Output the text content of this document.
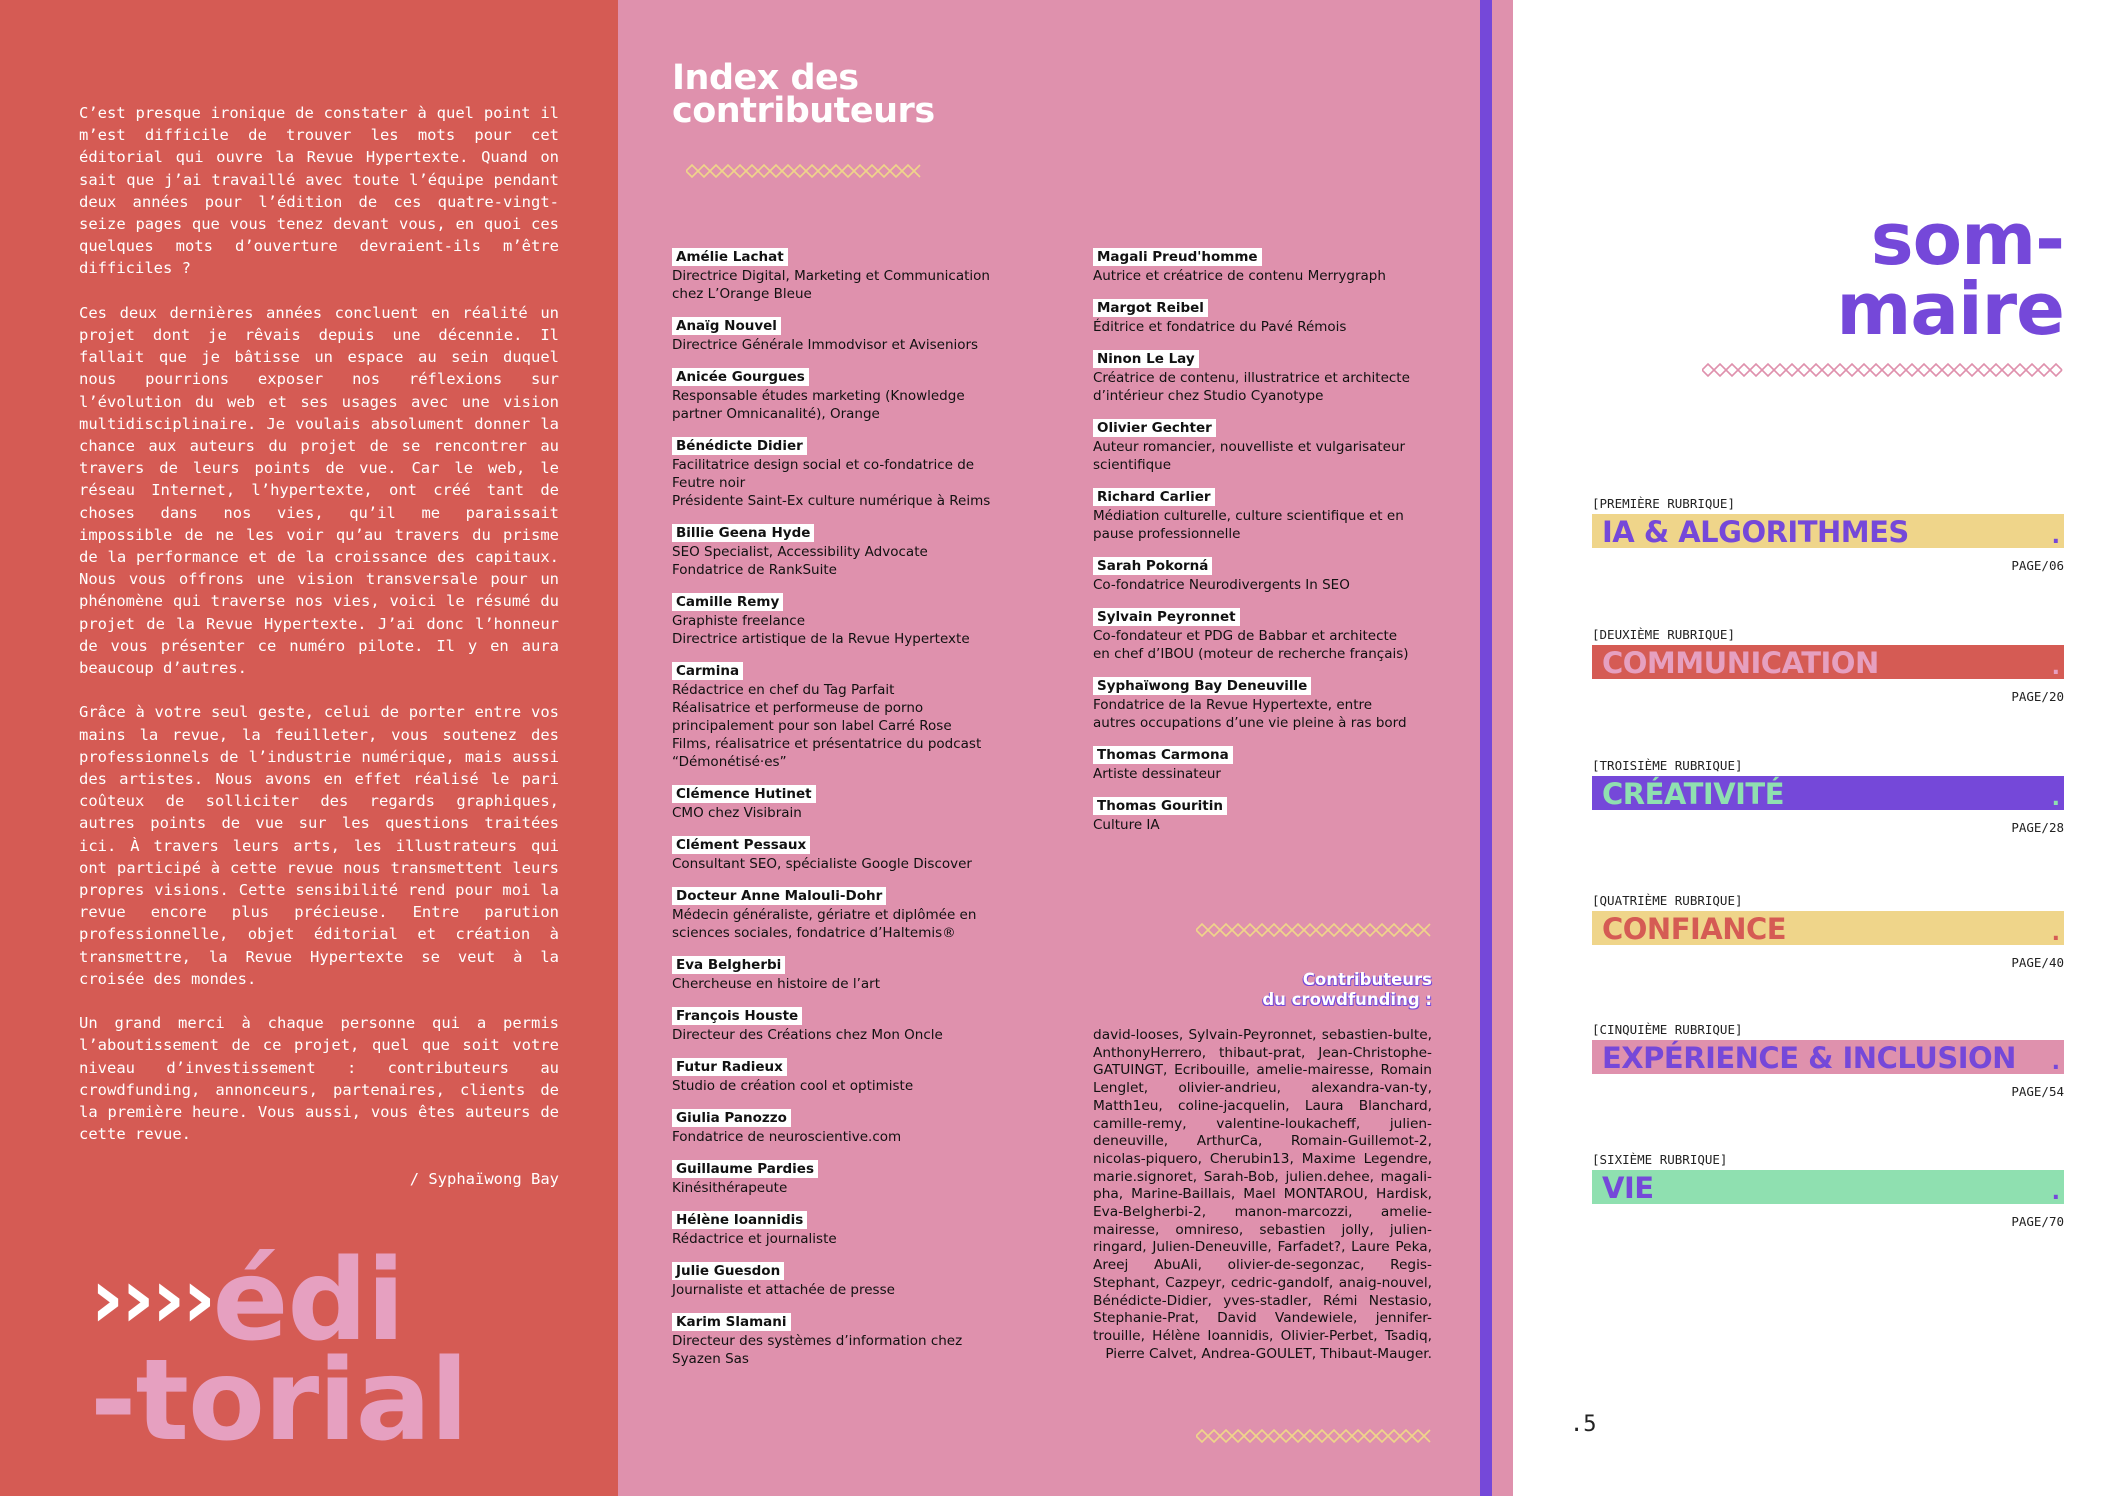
C’est presque ironique de constater à quel point il m’est difficile de trouver les mots pour cet éditorial qui ouvre la Revue Hypertexte. Quand on sait que j’ai travaillé avec toute l’équipe pendant deux années pour l’édition de ces quatre-vingt-seize pages que vous tenez devant vous, en quoi ces quelques mots d’ouverture devraient-ils m’être difficiles ?

Ces deux dernières années concluent en réalité un projet dont je rêvais depuis une décennie. Il fallait que je bâtisse un espace au sein duquel nous pourrions exposer nos réflexions sur l’évolution du web et ses usages avec une vision multidisciplinaire. Je voulais absolument donner la chance aux auteurs du projet de se rencontrer au travers de leurs points de vue. Car le web, le réseau Internet, l’hypertexte, ont créé tant de choses dans nos vies, qu’il me paraissait impossible de ne les voir qu’au travers du prisme de la performance et de la croissance des capitaux. Nous vous offrons une vision transversale pour un phénomène qui traverse nos vies, voici le résumé du projet de la Revue Hypertexte. J’ai donc l’honneur de vous présenter ce numéro pilote. Il y en aura beaucoup d’autres.

Grâce à votre seul geste, celui de porter entre vos mains la revue, la feuilleter, vous soutenez des professionnels de l’industrie numérique, mais aussi des artistes. Nous avons en effet réalisé le pari coûteux de solliciter des regards graphiques, autres points de vue sur les questions traitées ici. À travers leurs arts, les illustrateurs qui ont participé à cette revue nous transmettent leurs propres visions. Cette sensibilité rend pour moi la revue encore plus précieuse. Entre parution professionnelle, objet éditorial et création à transmettre, la Revue Hypertexte se veut à la croisée des mondes.

Un grand merci à chaque personne qui a permis l’aboutissement de ce projet, quel que soit votre niveau d’investissement : contributeurs au crowdfunding, annonceurs, partenaires, clients de la première heure. Vous aussi, vous êtes auteurs de cette revue.

/ Syphaïwong Bay

››››édi
-torial
Index des
contributeurs
Amélie Lachat
Directrice Digital, Marketing et Communication
chez L’Orange Bleue
Anaïg Nouvel
Directrice Générale Immodvisor et Aviseniors
Anicée Gourgues
Responsable études marketing (Knowledge
partner Omnicanalité), Orange
Bénédicte Didier
Facilitatrice design social et co-fondatrice de
Feutre noir
Présidente Saint-Ex culture numérique à Reims
Billie Geena Hyde
SEO Specialist, Accessibility Advocate
Fondatrice de RankSuite
Camille Remy
Graphiste freelance
Directrice artistique de la Revue Hypertexte
Carmina
Rédactrice en chef du Tag Parfait
Réalisatrice et performeuse de porno
principalement pour son label Carré Rose
Films, réalisatrice et présentatrice du podcast
“Démonétisé·es”
Clémence Hutinet
CMO chez Visibrain
Clément Pessaux
Consultant SEO, spécialiste Google Discover
Docteur Anne Malouli-Dohr
Médecin généraliste, gériatre et diplômée en
sciences sociales, fondatrice d’Haltemis®
Eva Belgherbi
Chercheuse en histoire de l’art
François Houste
Directeur des Créations chez Mon Oncle
Futur Radieux
Studio de création cool et optimiste
Giulia Panozzo
Fondatrice de neuroscientive.com
Guillaume Pardies
Kinésithérapeute
Hélène Ioannidis
Rédactrice et journaliste
Julie Guesdon
Journaliste et attachée de presse
Karim Slamani
Directeur des systèmes d’information chez
Syazen Sas
Magali Preud'homme
Autrice et créatrice de contenu Merrygraph
Margot Reibel
Éditrice et fondatrice du Pavé Rémois
Ninon Le Lay
Créatrice de contenu, illustratrice et architecte
d’intérieur chez Studio Cyanotype
Olivier Gechter
Auteur romancier, nouvelliste et vulgarisateur
scientifique
Richard Carlier
Médiation culturelle, culture scientifique et en
pause professionnelle
Sarah Pokorná
Co-fondatrice Neurodivergents In SEO
Sylvain Peyronnet
Co-fondateur et PDG de Babbar et architecte
en chef d’IBOU (moteur de recherche français)
Syphaïwong Bay Deneuville
Fondatrice de la Revue Hypertexte, entre
autres occupations d’une vie pleine à ras bord
Thomas Carmona
Artiste dessinateur
Thomas Gouritin
Culture IA
Contributeurs
du crowdfunding :
david-looses, Sylvain-Peyronnet, sebastien-bulte, AnthonyHerrero, thibaut-prat, Jean-Christophe-GATUINGT, Ecribouille, amelie-mairesse, Romain Lenglet, olivier-andrieu, alexandra-van-ty, Matth1eu, coline-jacquelin, Laura Blanchard, camille-remy, valentine-loukacheff, julien-deneuville, ArthurCa, Romain-Guillemot-2, nicolas-piquero, Cherubin13, Maxime Legendre, marie.signoret, Sarah-Bob, julien.dehee, magali-pha, Marine-Baillais, Mael MONTAROU, Hardisk, Eva-Belgherbi-2, manon-marcozzi, amelie-mairesse, omnireso, sebastien jolly, julien-ringard, Julien-Deneuville, Farfadet?, Laure Peka, Areej AbuAli, olivier-de-segonzac, Regis-Stephant, Cazpeyr, cedric-gandolf, anaig-nouvel, Bénédicte-Didier, yves-stadler, Rémi Nestasio, Stephanie-Prat, David Vandewiele, jennifer-trouille, Hélène Ioannidis, Olivier-Perbet, Tsadiq, Pierre Calvet, Andrea-GOULET, Thibaut-Mauger.
som-
maire
[PREMIÈRE RUBRIQUE]
IA & ALGORITHMES	.
PAGE/06
[DEUXIÈME RUBRIQUE]
COMMUNICATION	.
PAGE/20
[TROISIÈME RUBRIQUE]
CRÉATIVITÉ	.
PAGE/28
[QUATRIÈME RUBRIQUE]
CONFIANCE	.
PAGE/40
[CINQUIÈME RUBRIQUE]
EXPÉRIENCE & INCLUSION .
PAGE/54
[SIXIÈME RUBRIQUE]
VIE	.
PAGE/70
.5
